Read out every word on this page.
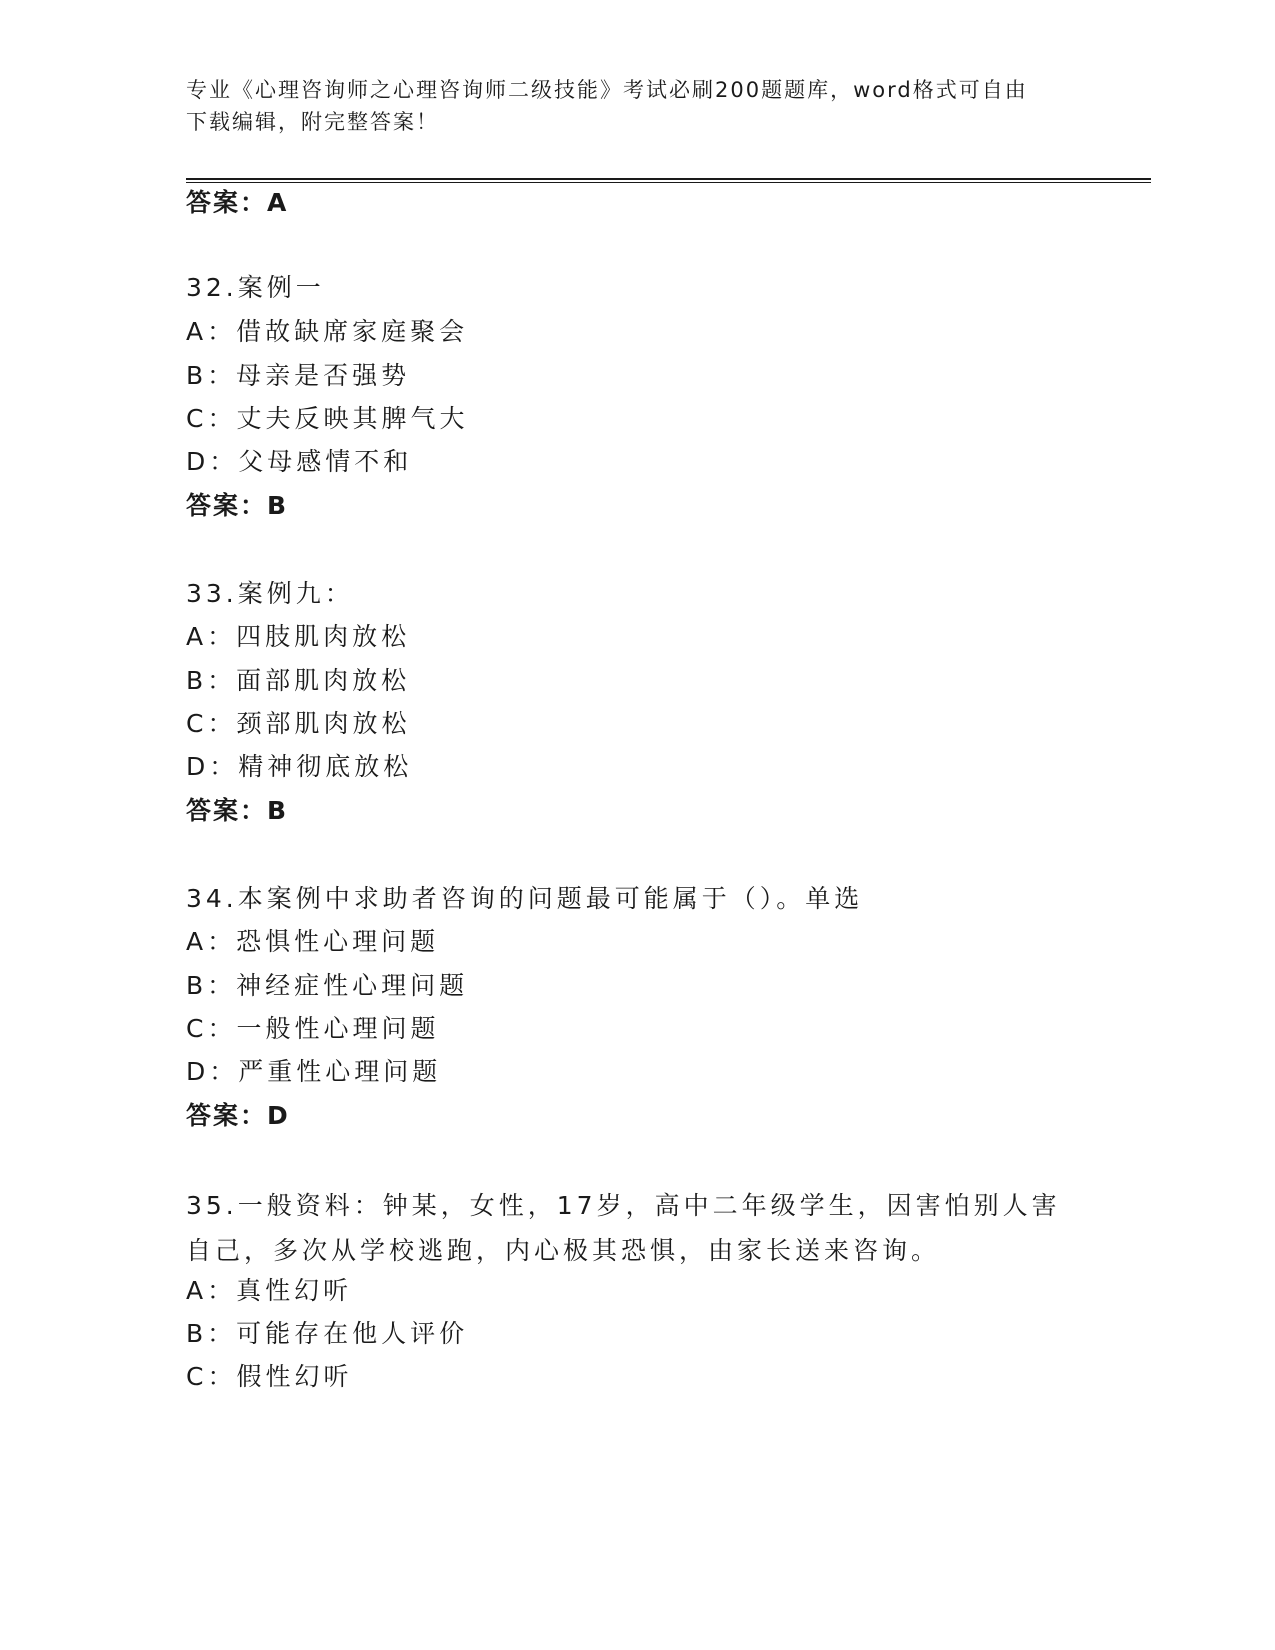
专业《心理咨询师之心理咨询师二级技能》考试必刷200题题库，word格式可自由下载编辑，附完整答案！
答案：A
32.案例一
A：借故缺席家庭聚会
B：母亲是否强势
C：丈夫反映其脾气大
D：父母感情不和
答案：B
33.案例九：
A：四肢肌肉放松
B：面部肌肉放松
C：颈部肌肉放松
D：精神彻底放松
答案：B
34.本案例中求助者咨询的问题最可能属于（）。单选
A：恐惧性心理问题
B：神经症性心理问题
C：一般性心理问题
D：严重性心理问题
答案：D
35.一般资料：钟某，女性，17岁，高中二年级学生，因害怕别人害自己，多次从学校逃跑，内心极其恐惧，由家长送来咨询。
A：真性幻听
B：可能存在他人评价
C：假性幻听
